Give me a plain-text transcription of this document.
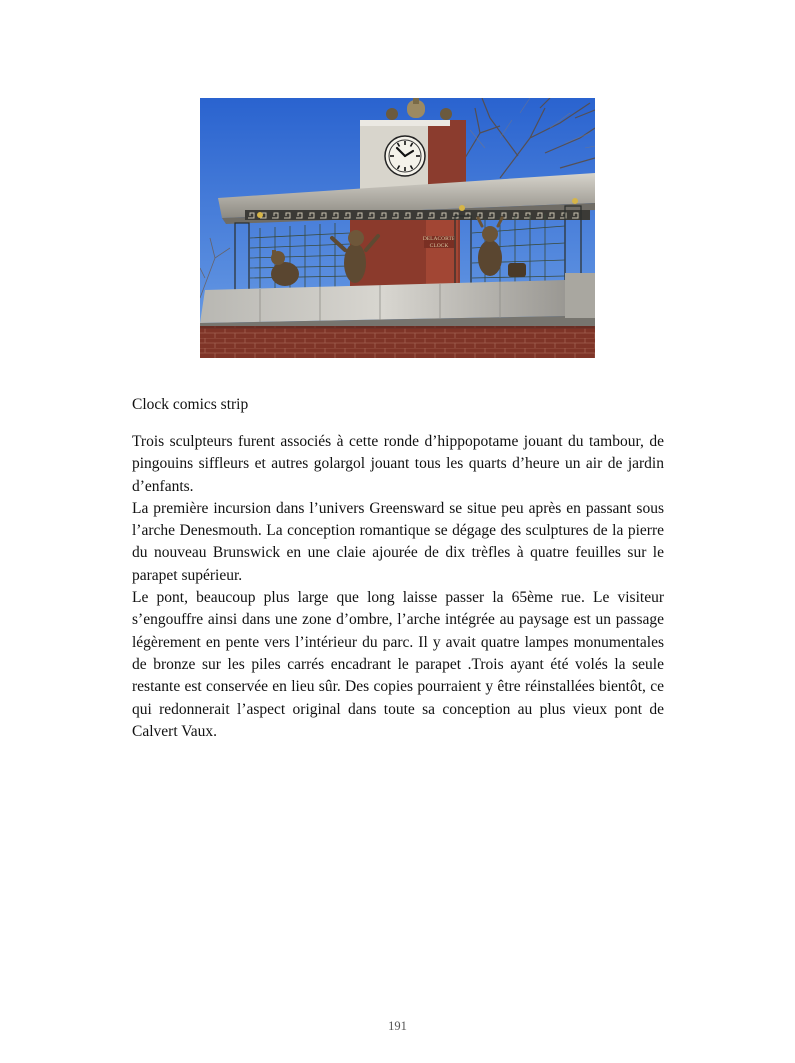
DELACORTE
CLOCK
Clock comics strip

Trois sculpteurs furent associés à cette ronde d’hippopotame jouant du tambour, de pingouins siffleurs et autres golargol jouant tous les quarts d’heure un air de jardin d’enfants.

La première incursion dans l’univers Greensward se situe peu après en passant sous l’arche Denesmouth. La conception romantique se dégage des sculptures de la pierre du nouveau Brunswick en une claie ajourée de dix trèfles à quatre feuilles sur le parapet supérieur.

Le pont, beaucoup plus large que long laisse passer la 65ème rue. Le visiteur s’engouffre ainsi dans une zone d’ombre, l’arche intégrée au paysage est un passage légèrement en pente vers l’intérieur du parc. Il y avait quatre lampes monumentales de bronze sur les piles carrés encadrant le parapet .Trois ayant été volés la seule restante est conservée en lieu sûr. Des copies pourraient y être réinstallées bientôt, ce qui redonnerait l’aspect original dans toute sa conception au plus vieux pont de Calvert Vaux.

191
